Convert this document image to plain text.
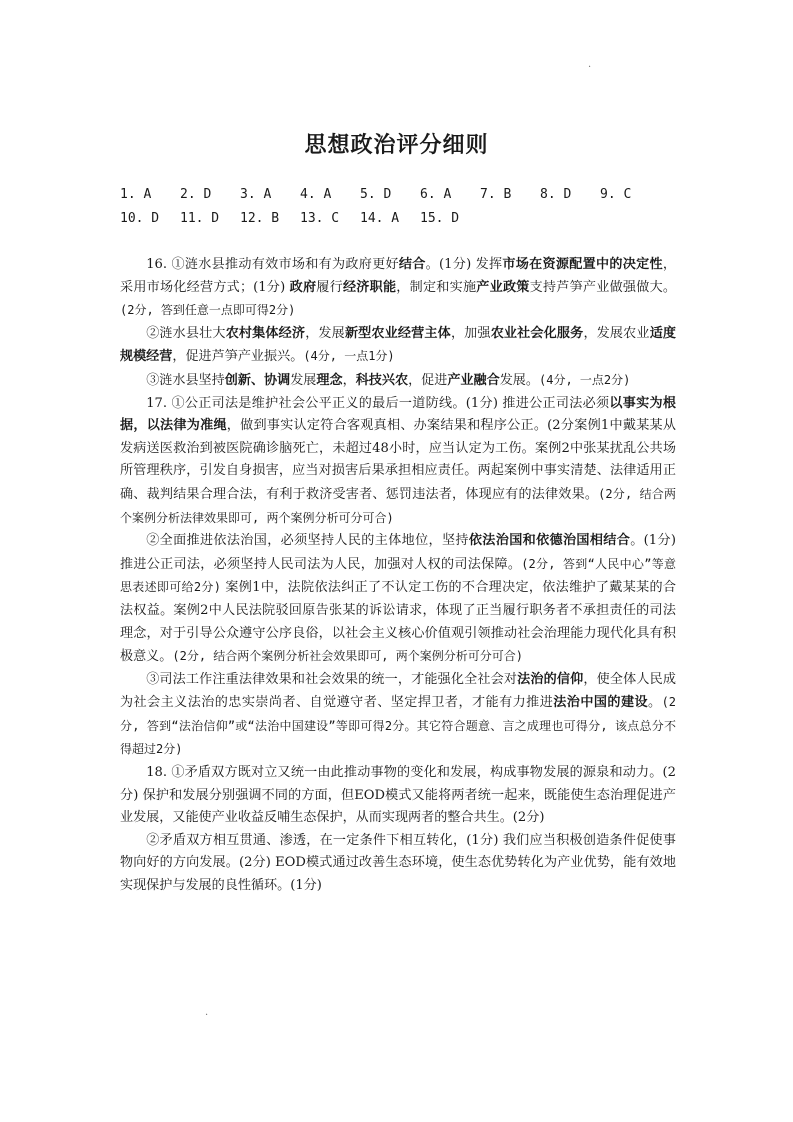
·
·
思想政治评分细则
1. A 2. D 3. A 4. A 5. D 6. A 7. B 8. D 9. C
10. D 11. D 12. B 13. C 14. A 15. D

16. ①涟水县推动有效市场和有为政府更好结合。(1分) 发挥市场在资源配置中的决定性，采用市场化经营方式；(1分) 政府履行经济职能，制定和实施产业政策支持芦笋产业做强做大。(2分, 答到任意一点即可得2分)

②涟水县壮大农村集体经济，发展新型农业经营主体，加强农业社会化服务，发展农业适度规模经营，促进芦笋产业振兴。(4分, 一点1分)

③涟水县坚持创新、协调发展理念，科技兴农，促进产业融合发展。(4分, 一点2分)

17. ①公正司法是维护社会公平正义的最后一道防线。(1分) 推进公正司法必须以事实为根据，以法律为准绳，做到事实认定符合客观真相、办案结果和程序公正。(2分案例1中戴某某从发病送医救治到被医院确诊脑死亡，未超过48小时，应当认定为工伤。案例2中张某扰乱公共场所管理秩序，引发自身损害，应当对损害后果承担相应责任。两起案例中事实清楚、法律适用正确、裁判结果合理合法，有利于救济受害者、惩罚违法者，体现应有的法律效果。(2分, 结合两个案例分析法律效果即可, 两个案例分析可分可合)

②全面推进依法治国，必须坚持人民的主体地位，坚持依法治国和依德治国相结合。(1分) 推进公正司法，必须坚持人民司法为人民，加强对人权的司法保障。(2分, 答到“人民中心”等意思表述即可给2分) 案例1中，法院依法纠正了不认定工伤的不合理决定，依法维护了戴某某的合法权益。案例2中人民法院驳回原告张某的诉讼请求，体现了正当履行职务者不承担责任的司法理念，对于引导公众遵守公序良俗，以社会主义核心价值观引领推动社会治理能力现代化具有积极意义。(2分, 结合两个案例分析社会效果即可, 两个案例分析可分可合)

③司法工作注重法律效果和社会效果的统一，才能强化全社会对法治的信仰，使全体人民成为社会主义法治的忠实崇尚者、自觉遵守者、坚定捍卫者，才能有力推进法治中国的建设。(2分, 答到“法治信仰”或“法治中国建设”等即可得2分。其它符合题意、言之成理也可得分, 该点总分不得超过2分)

18. ①矛盾双方既对立又统一由此推动事物的变化和发展，构成事物发展的源泉和动力。(2分) 保护和发展分别强调不同的方面，但EOD模式又能将两者统一起来，既能使生态治理促进产业发展，又能使产业收益反哺生态保护，从而实现两者的整合共生。(2分)

②矛盾双方相互贯通、渗透，在一定条件下相互转化，(1分) 我们应当积极创造条件促使事物向好的方向发展。(2分) EOD模式通过改善生态环境，使生态优势转化为产业优势，能有效地实现保护与发展的良性循环。(1分)
